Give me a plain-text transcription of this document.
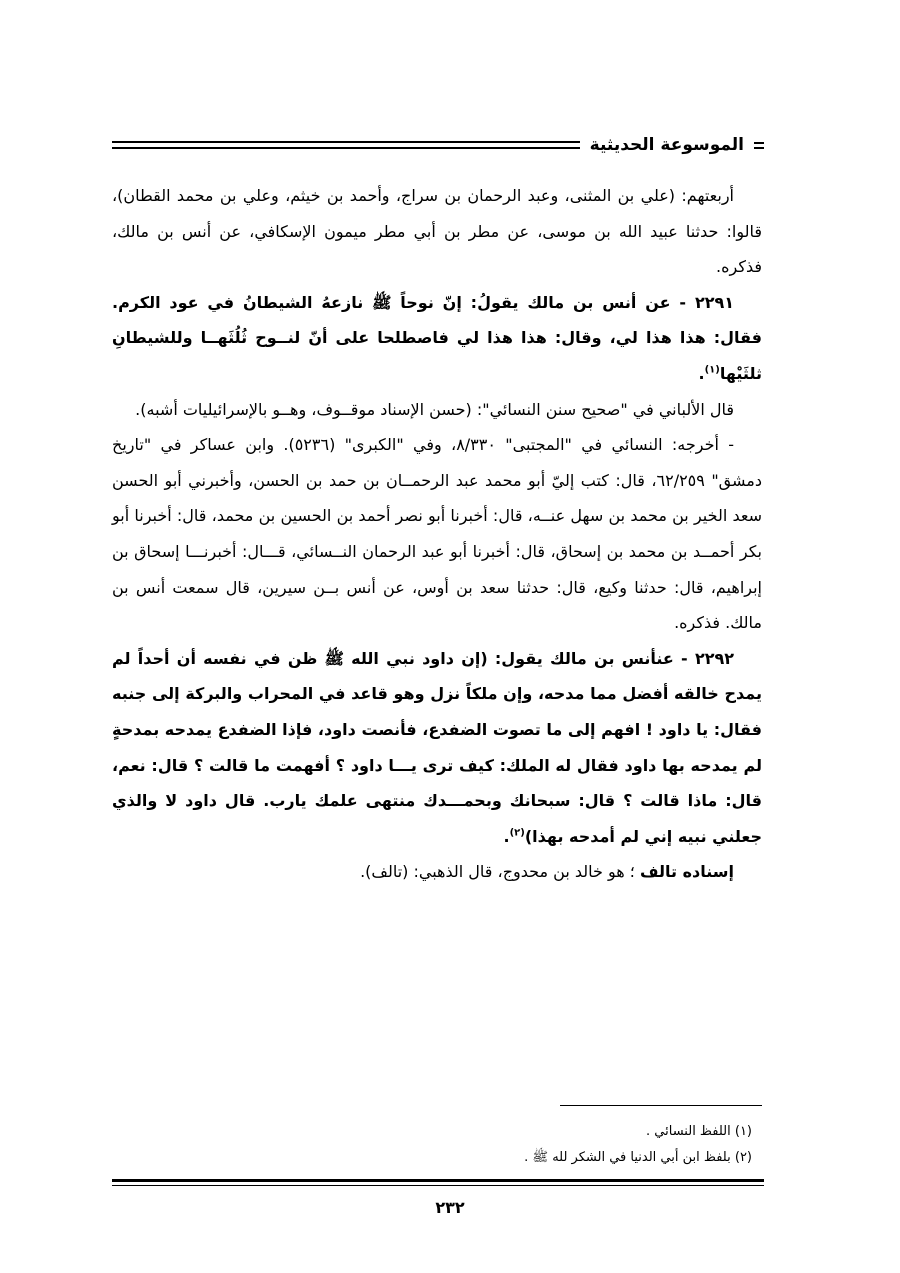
الموسوعة الحديثية

أربعتهم: (علي بن المثنى، وعبد الرحمان بن سراج، وأحمد بن خيثم، وعلي بن محمد القطان)، قالوا: حدثنا عبيد الله بن موسى، عن مطر بن أبي مطر ميمون الإسكافي، عن أنس بن مالك، فذكره.

٢٢٩١ - عن أنس بن مالك يقولُ: إنّ نوحاً ﷺ نازعهُ الشيطانُ في عود الكرم. فقال: هذا هذا لي، وقال: هذا هذا لي فاصطلحا على أنّ لنــوح ثُلُثَهــا وللشيطانِ ثلثَيْها$^{(١)}$.

قال الألباني في "صحيح سنن النسائي": (حسن الإسناد موقــوف، وهــو بالإسرائيليات أشبه).

- أخرجه: النسائي في "المجتبى" ٨/٣٣٠، وفي "الكبرى" (٥٢٣٦). وابن عساكر في "تاريخ دمشق" ٦٢/٢٥٩، قال: كتب إليّ أبو محمد عبد الرحمــان بن حمد بن الحسن، وأخبرني أبو الحسن سعد الخير بن محمد بن سهل عنــه، قال: أخبرنا أبو نصر أحمد بن الحسين بن محمد، قال: أخبرنا أبو بكر أحمــد بن محمد بن إسحاق، قال: أخبرنا أبو عبد الرحمان النــسائي، قـــال: أخبرنـــا إسحاق بن إبراهيم، قال: حدثنا وكيع، قال: حدثنا سعد بن أوس، عن أنس بــن سيرين، قال سمعت أنس بن مالك. فذكره.

٢٢٩٢ - عنأنس بن مالك يقول: (إن داود نبي الله ﷺ ظن في نفسه أن أحداً لم يمدح خالقه أفضل مما مدحه، وإن ملكاً نزل وهو قاعد في المحراب والبركة إلى جنبه فقال: يا داود ! افهم إلى ما تصوت الضفدع، فأنصت داود، فإذا الضفدع يمدحه بمدحةٍ لم يمدحه بها داود فقال له الملك: كيف ترى يـــا داود ؟ أفهمت ما قالت ؟ قال: نعم، قال: ماذا قالت ؟ قال: سبحانك وبحمـــدك منتهى علمك يارب. قال داود لا والذي جعلني نبيه إني لم أمدحه بهذا)$^{(٢)}$.

إسناده تالف ؛ هو خالد بن محدوج، قال الذهبي: (تالف).

(١) اللفظ النسائي .

(٢) بلفظ ابن أبي الدنيا في الشكر لله ﷺ .

٢٣٢
